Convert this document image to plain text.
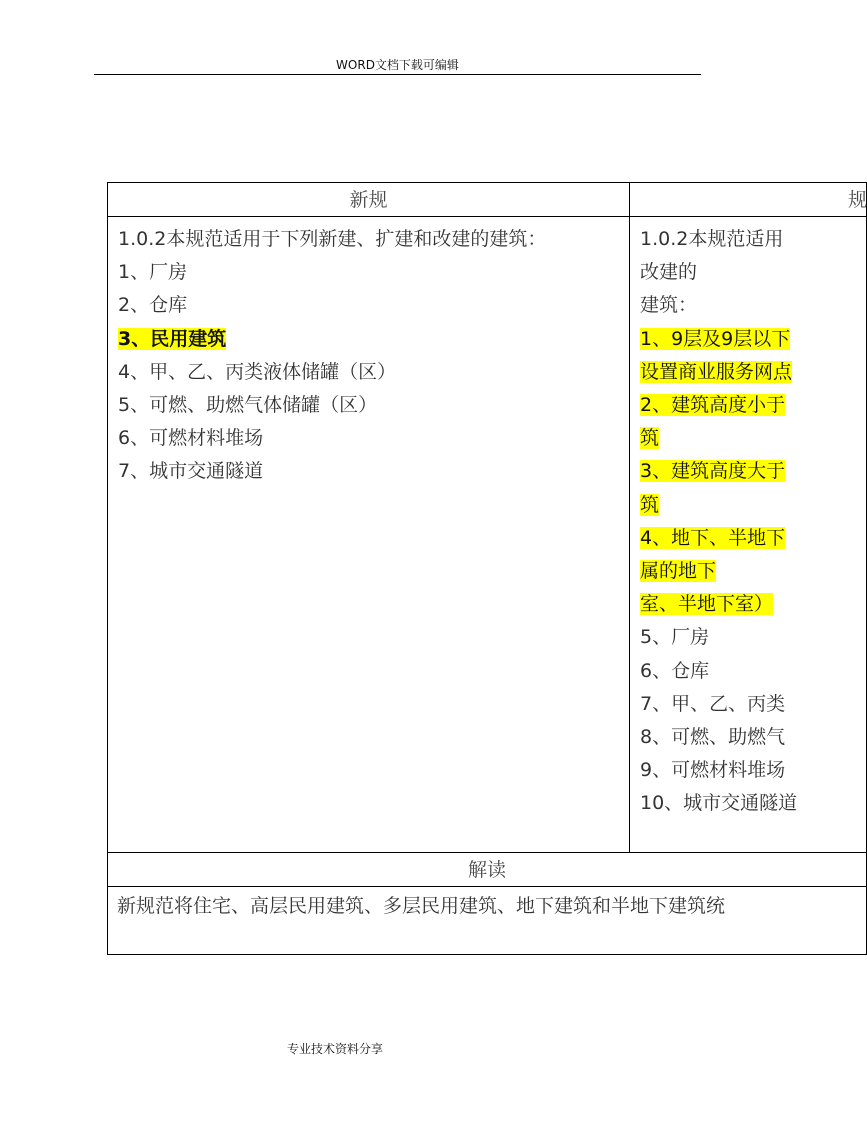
WORD文档下载可编辑
新规	规
1.0.2本规范适用于下列新建、扩建和改建的建筑：
1、厂房
2、仓库
3、民用建筑
4、甲、乙、丙类液体储罐（区）
5、可燃、助燃气体储罐（区）
6、可燃材料堆场
7、城市交通隧道
1.0.2本规范适用
改建的
建筑：
1、9层及9层以下
设置商业服务网点
2、建筑高度小于
筑
3、建筑高度大于
筑
4、地下、半地下
属的地下
室、半地下室）
5、厂房
6、仓库
7、甲、乙、丙类
8、可燃、助燃气
9、可燃材料堆场
10、城市交通隧道
解读
新规范将住宅、高层民用建筑、多层民用建筑、地下建筑和半地下建筑统
专业技术资料分享
